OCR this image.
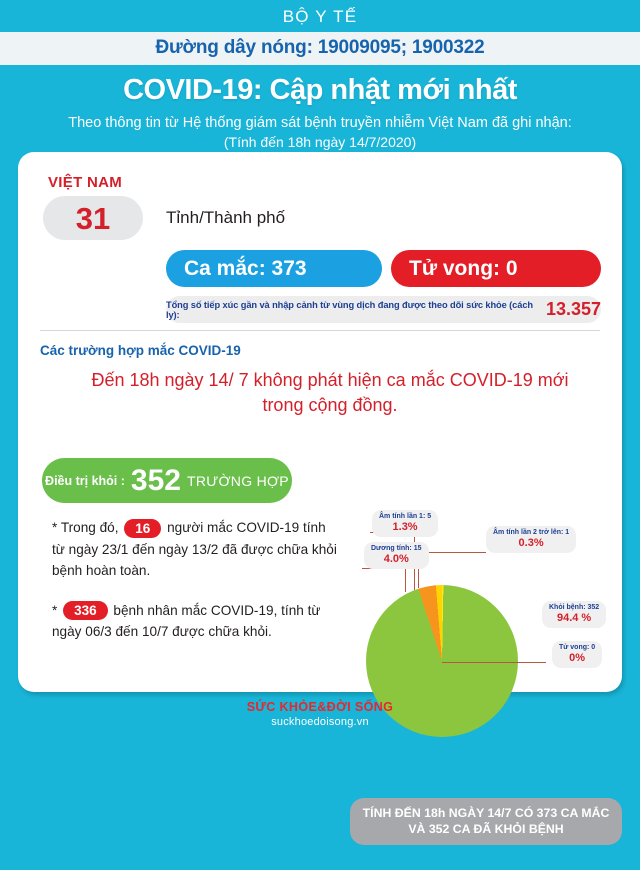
BỘ Y TẾ
Đường dây nóng: 19009095; 1900322
COVID-19: Cập nhật mới nhất
Theo thông tin từ Hệ thống giám sát bệnh truyền nhiễm Việt Nam đã ghi nhận:
(Tính đến 18h ngày 14/7/2020)
VIỆT NAM
31	Tỉnh/Thành phố
Ca mắc: 373	Tử vong: 0
Tổng số tiếp xúc gần và nhập cảnh từ vùng dịch đang được theo dõi sức khỏe (cách ly):	13.357
Các trường hợp mắc COVID-19
Đến 18h ngày 14/ 7 không phát hiện ca mắc COVID-19 mới trong cộng đồng.
Điều trị khỏi : 352 TRƯỜNG HỢP
* Trong đó, 16 người mắc COVID-19 tính từ ngày 23/1 đến ngày 13/2 đã được chữa khỏi bệnh hoàn toàn.
* 336 bệnh nhân mắc COVID-19, tính từ ngày 06/3 đến 10/7 được chữa khỏi.
Âm tính lần 1: 5
1.3%
Dương tính: 15
4.0%
Âm tính lần 2 trở lên: 1
0.3%
Khỏi bệnh: 352
94.4 %
Tử vong: 0
0%
TÍNH ĐẾN 18h NGÀY 14/7 CÓ 373 CA MẮC VÀ 352 CA ĐÃ KHỎI BỆNH
SỨC KHỎE&ĐỜI SỐNG
suckhoedoisong.vn
